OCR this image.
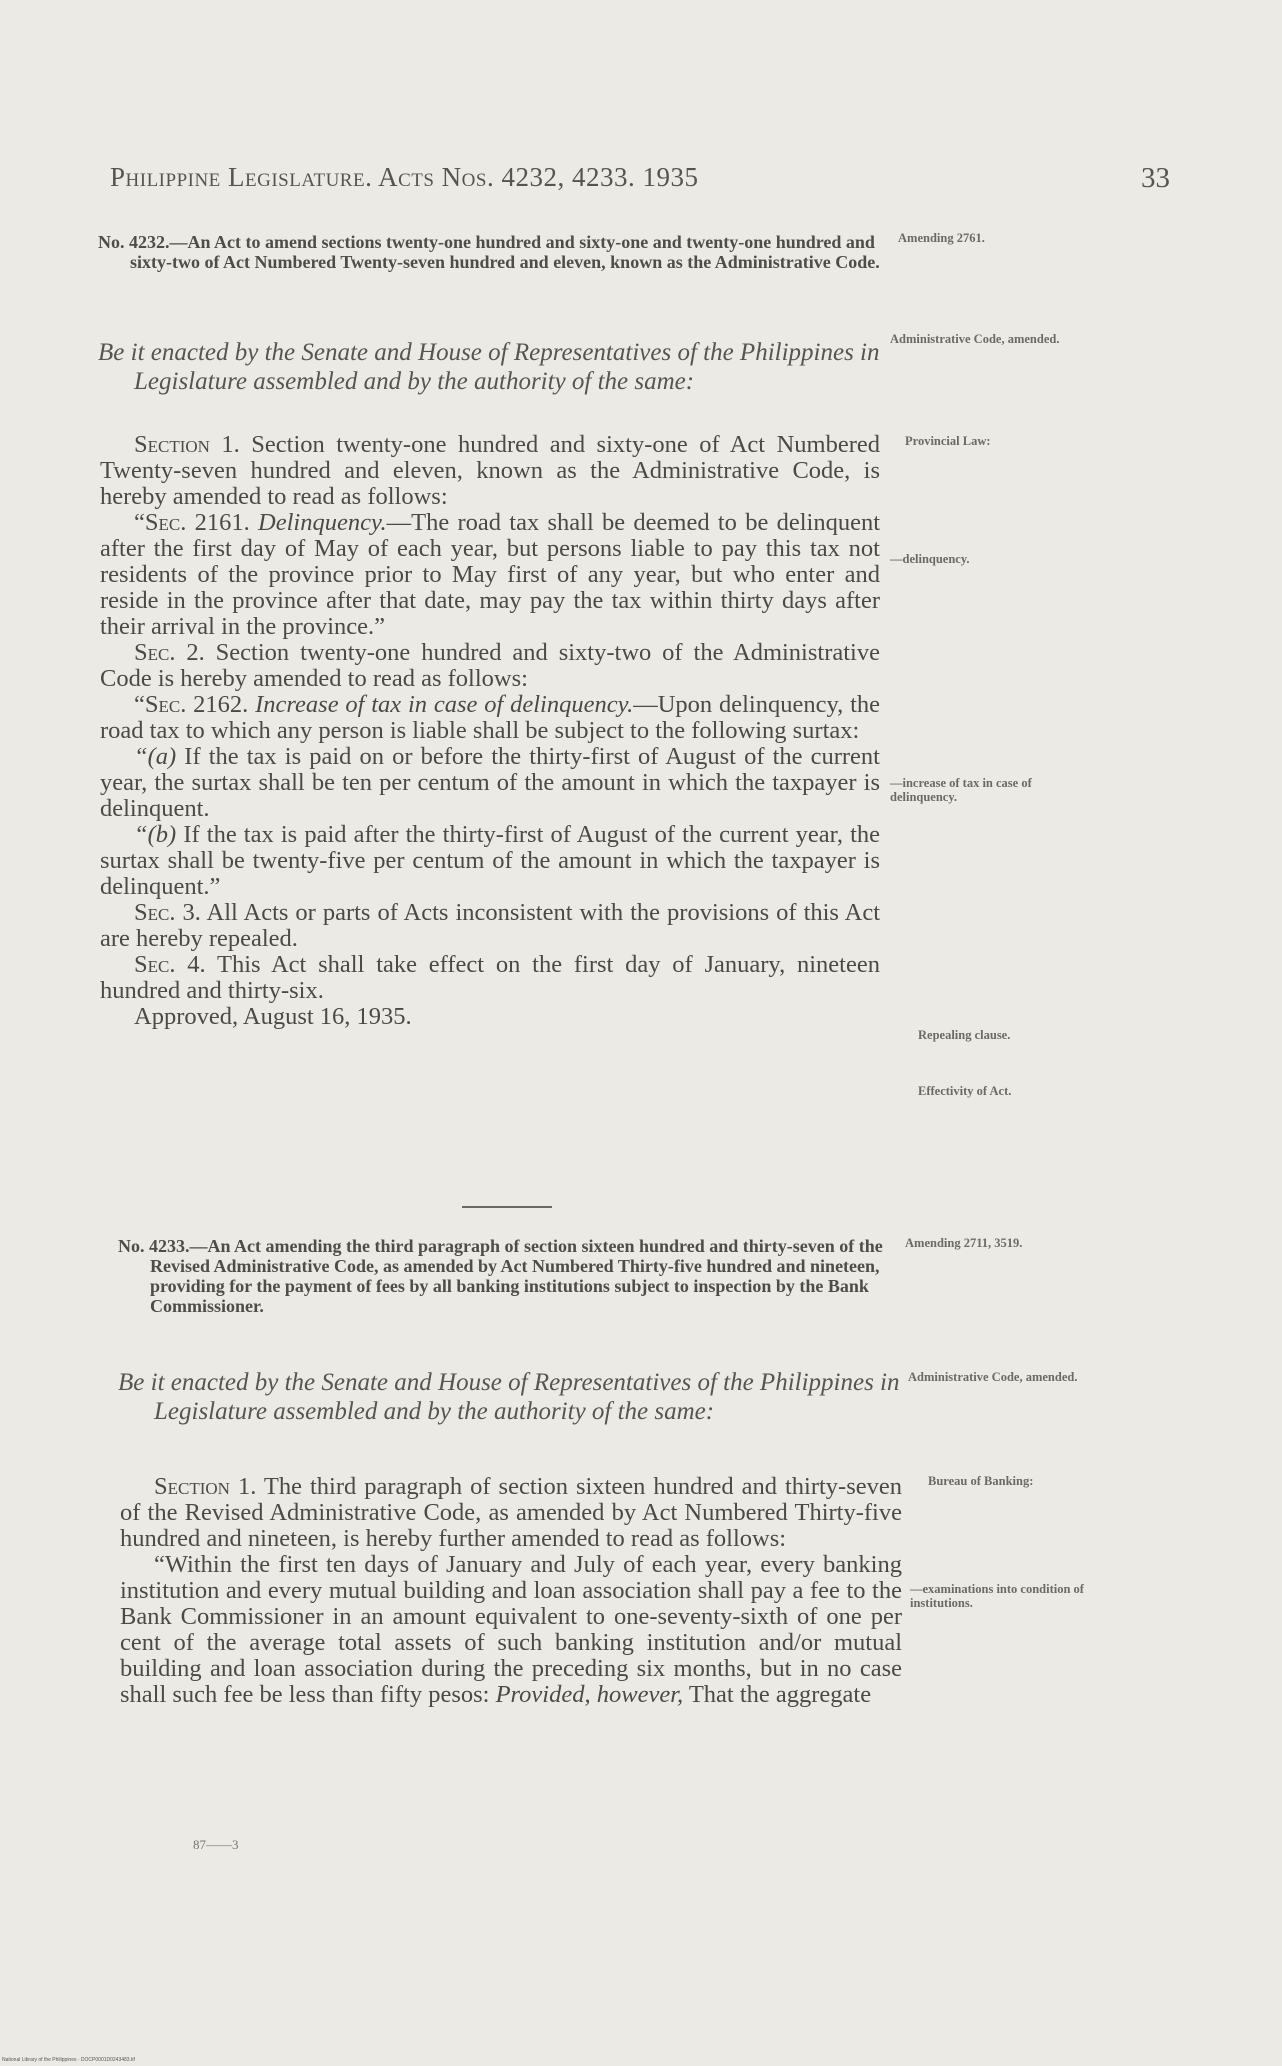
Philippine Legislature. Acts Nos. 4232, 4233. 1935	33

No. 4232.—An Act to amend sections twenty-one hundred and sixty-one and twenty-one hundred and sixty-two of Act Numbered Twenty-seven hundred and eleven, known as the Administrative Code.

Amending 2761.

Be it enacted by the Senate and House of Representatives of the Philippines in Legislature assembled and by the authority of the same:

Administrative Code, amended.

Section 1. Section twenty-one hundred and sixty-one of Act Numbered Twenty-seven hundred and eleven, known as the Administrative Code, is hereby amended to read as follows:

“Sec. 2161. Delinquency.—The road tax shall be deemed to be delinquent after the first day of May of each year, but persons liable to pay this tax not residents of the province prior to May first of any year, but who enter and reside in the province after that date, may pay the tax within thirty days after their arrival in the province.”

Sec. 2. Section twenty-one hundred and sixty-two of the Administrative Code is hereby amended to read as follows:

“Sec. 2162. Increase of tax in case of delinquency.—Upon delinquency, the road tax to which any person is liable shall be subject to the following surtax:

“(a) If the tax is paid on or before the thirty-first of August of the current year, the surtax shall be ten per centum of the amount in which the taxpayer is delinquent.

“(b) If the tax is paid after the thirty-first of August of the current year, the surtax shall be twenty-five per centum of the amount in which the taxpayer is delinquent.”

Sec. 3. All Acts or parts of Acts inconsistent with the provisions of this Act are hereby repealed.

Sec. 4. This Act shall take effect on the first day of January, nineteen hundred and thirty-six.

Approved, August 16, 1935.

Provincial Law:
—delinquency.
—increase of tax in case of delinquency.
Repealing clause.
Effectivity of Act.

No. 4233.—An Act amending the third paragraph of section sixteen hundred and thirty-seven of the Revised Administrative Code, as amended by Act Numbered Thirty-five hundred and nineteen, providing for the payment of fees by all banking institutions subject to inspection by the Bank Commissioner.

Amending 2711, 3519.

Be it enacted by the Senate and House of Representatives of the Philippines in Legislature assembled and by the authority of the same:

Administrative Code, amended.

Section 1. The third paragraph of section sixteen hundred and thirty-seven of the Revised Administrative Code, as amended by Act Numbered Thirty-five hundred and nineteen, is hereby further amended to read as follows:

“Within the first ten days of January and July of each year, every banking institution and every mutual building and loan association shall pay a fee to the Bank Commissioner in an amount equivalent to one-seventy-sixth of one per cent of the average total assets of such banking institution and/or mutual building and loan association during the preceding six months, but in no case shall such fee be less than fifty pesos: Provided, however, That the aggregate

Bureau of Banking:
—examinations into condition of institutions.
87——3
National Library of the Philippines · DOCP0001D0243483.tif
